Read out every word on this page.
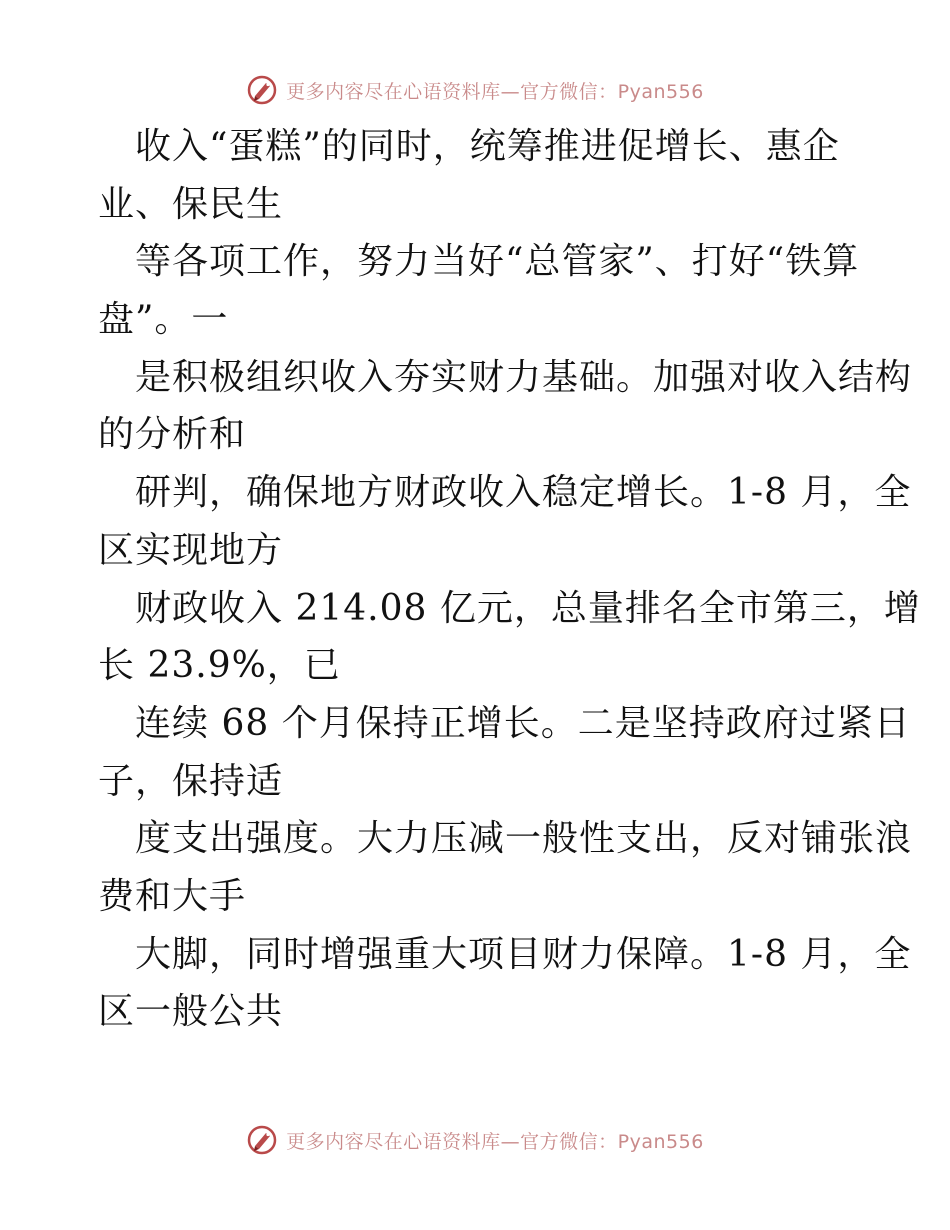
更多内容尽在心语资料库—官方微信：Pyan556
收入“蛋糕”的同时，统筹推进促增长、惠企
业、保民生
等各项工作，努力当好“总管家”、打好“铁算
盘”。一
是积极组织收入夯实财力基础。加强对收入结构
的分析和
研判，确保地方财政收入稳定增长。1-8 月，全
区实现地方
财政收入 214.08 亿元，总量排名全市第三，增
长 23.9%，已
连续 68 个月保持正增长。二是坚持政府过紧日
子，保持适
度支出强度。大力压减一般性支出，反对铺张浪
费和大手
大脚，同时增强重大项目财力保障。1-8 月，全
区一般公共
更多内容尽在心语资料库—官方微信：Pyan556
